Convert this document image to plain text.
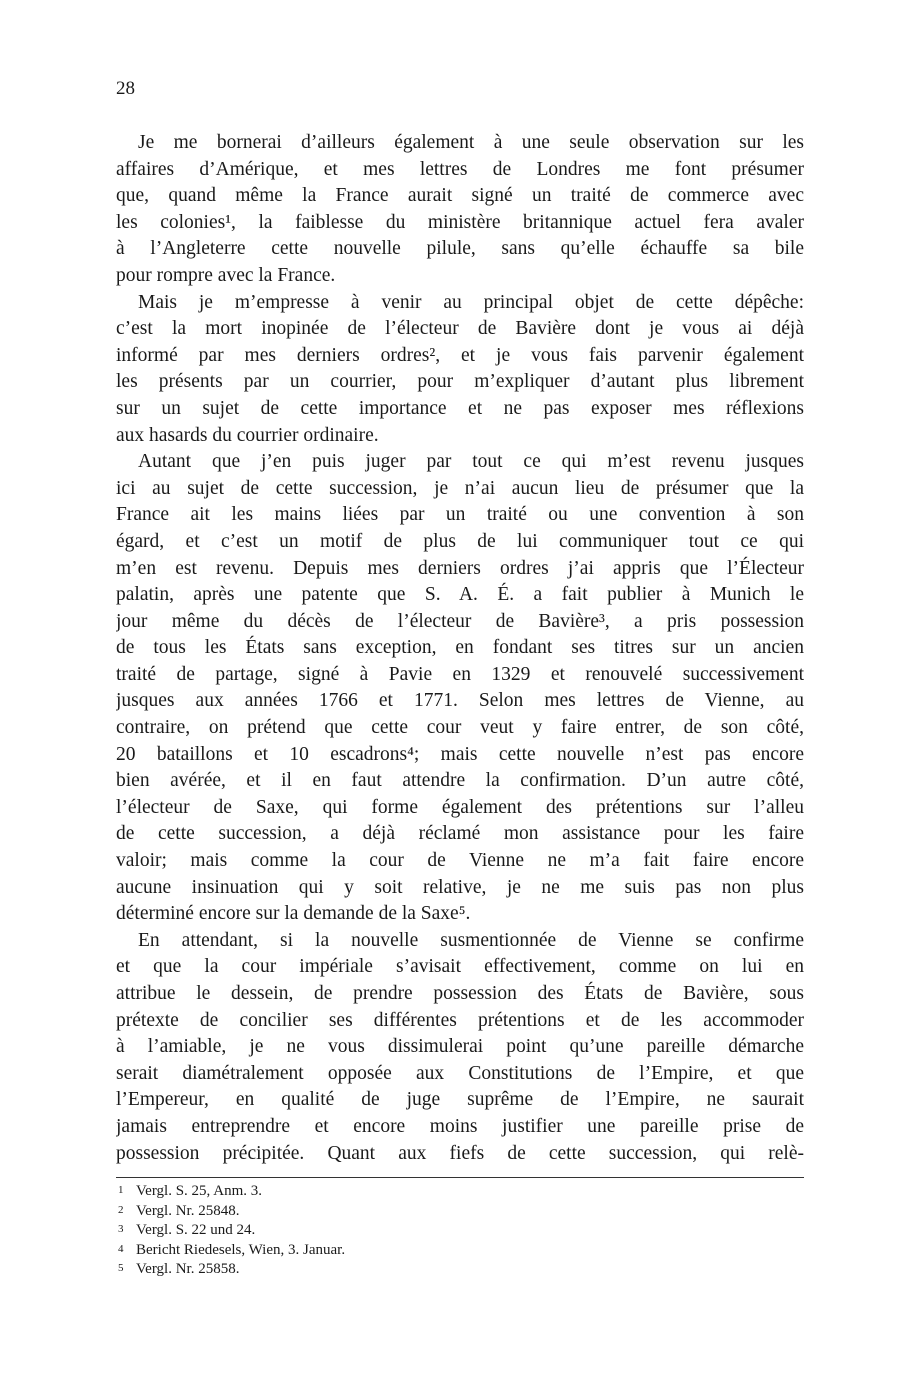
28

Je me bornerai d’ailleurs également à une seule observation sur les
affaires d’Amérique, et mes lettres de Londres me font présumer
que, quand même la France aurait signé un traité de commerce avec
les colonies¹, la faiblesse du ministère britannique actuel fera avaler
à l’Angleterre cette nouvelle pilule, sans qu’elle échauffe sa bile
pour rompre avec la France.

Mais je m’empresse à venir au principal objet de cette dépêche:
c’est la mort inopinée de l’électeur de Bavière dont je vous ai déjà
informé par mes derniers ordres², et je vous fais parvenir également
les présents par un courrier, pour m’expliquer d’autant plus librement
sur un sujet de cette importance et ne pas exposer mes réflexions
aux hasards du courrier ordinaire.

Autant que j’en puis juger par tout ce qui m’est revenu jusques
ici au sujet de cette succession, je n’ai aucun lieu de présumer que la
France ait les mains liées par un traité ou une convention à son
égard, et c’est un motif de plus de lui communiquer tout ce qui
m’en est revenu. Depuis mes derniers ordres j’ai appris que l’Électeur
palatin, après une patente que S. A. É. a fait publier à Munich le
jour même du décès de l’électeur de Bavière³, a pris possession
de tous les États sans exception, en fondant ses titres sur un ancien
traité de partage, signé à Pavie en 1329 et renouvelé successivement
jusques aux années 1766 et 1771. Selon mes lettres de Vienne, au
contraire, on prétend que cette cour veut y faire entrer, de son côté,
20 bataillons et 10 escadrons⁴; mais cette nouvelle n’est pas encore
bien avérée, et il en faut attendre la confirmation. D’un autre côté,
l’électeur de Saxe, qui forme également des prétentions sur l’alleu
de cette succession, a déjà réclamé mon assistance pour les faire
valoir; mais comme la cour de Vienne ne m’a fait faire encore
aucune insinuation qui y soit relative, je ne me suis pas non plus
déterminé encore sur la demande de la Saxe⁵.

En attendant, si la nouvelle susmentionnée de Vienne se confirme
et que la cour impériale s’avisait effectivement, comme on lui en
attribue le dessein, de prendre possession des États de Bavière, sous
prétexte de concilier ses différentes prétentions et de les accommoder
à l’amiable, je ne vous dissimulerai point qu’une pareille démarche
serait diamétralement opposée aux Constitutions de l’Empire, et que
l’Empereur, en qualité de juge suprême de l’Empire, ne saurait
jamais entreprendre et encore moins justifier une pareille prise de
possession précipitée. Quant aux fiefs de cette succession, qui relè-

1 Vergl. S. 25, Anm. 3.
2 Vergl. Nr. 25848.
3 Vergl. S. 22 und 24.
4 Bericht Riedesels, Wien, 3. Januar.
5 Vergl. Nr. 25858.
